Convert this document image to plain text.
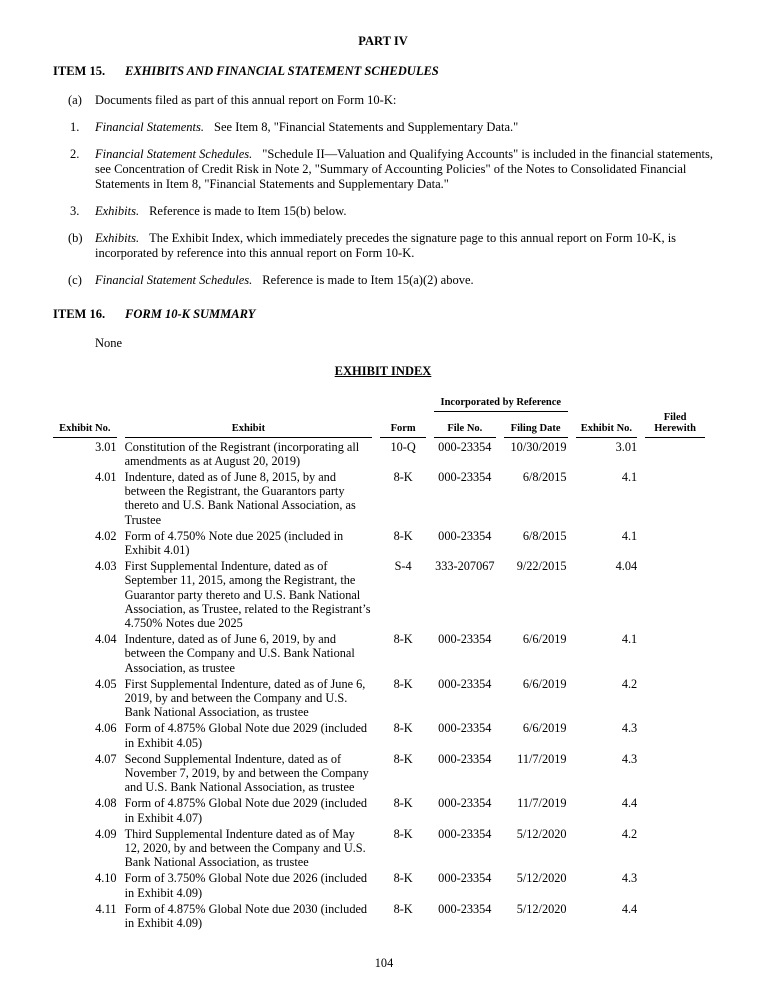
PART IV
ITEM 15.	EXHIBITS AND FINANCIAL STATEMENT SCHEDULES
(a)	Documents filed as part of this annual report on Form 10-K:
1.	Financial Statements. See Item 8, "Financial Statements and Supplementary Data."
2.	Financial Statement Schedules. "Schedule II—Valuation and Qualifying Accounts" is included in the financial statements, see Concentration of Credit Risk in Note 2, "Summary of Accounting Policies" of the Notes to Consolidated Financial Statements in Item 8, "Financial Statements and Supplementary Data."
3.	Exhibits. Reference is made to Item 15(b) below.
(b) Exhibits. The Exhibit Index, which immediately precedes the signature page to this annual report on Form 10-K, is incorporated by reference into this annual report on Form 10-K.
(c)	Financial Statement Schedules. Reference is made to Item 15(a)(2) above.
ITEM 16.	FORM 10-K SUMMARY
None
EXHIBIT INDEX
			Incorporated by Reference			
Exhibit No.	Exhibit	Form	File No.	Filing Date	Exhibit No.	Filed Herewith
3.01	Constitution of the Registrant (incorporating all amendments as at August 20, 2019)	10-Q	000-23354	10/30/2019	3.01	
4.01	Indenture, dated as of June 8, 2015, by and between the Registrant, the Guarantors party thereto and U.S. Bank National Association, as Trustee	8-K	000-23354	6/8/2015	4.1	
4.02	Form of 4.750% Note due 2025 (included in Exhibit 4.01)	8-K	000-23354	6/8/2015	4.1	
4.03	First Supplemental Indenture, dated as of September 11, 2015, among the Registrant, the Guarantor party thereto and U.S. Bank National Association, as Trustee, related to the Registrant’s 4.750% Notes due 2025	S-4	333-207067	9/22/2015	4.04	
4.04	Indenture, dated as of June 6, 2019, by and between the Company and U.S. Bank National Association, as trustee	8-K	000-23354	6/6/2019	4.1	
4.05	First Supplemental Indenture, dated as of June 6, 2019, by and between the Company and U.S. Bank National Association, as trustee	8-K	000-23354	6/6/2019	4.2	
4.06	Form of 4.875% Global Note due 2029 (included in Exhibit 4.05)	8-K	000-23354	6/6/2019	4.3	
4.07	Second Supplemental Indenture, dated as of November 7, 2019, by and between the Company and U.S. Bank National Association, as trustee	8-K	000-23354	11/7/2019	4.3	
4.08	Form of 4.875% Global Note due 2029 (included in Exhibit 4.07)	8-K	000-23354	11/7/2019	4.4	
4.09	Third Supplemental Indenture dated as of May 12, 2020, by and between the Company and U.S. Bank National Association, as trustee	8-K	000-23354	5/12/2020	4.2	
4.10	Form of 3.750% Global Note due 2026 (included in Exhibit 4.09)	8-K	000-23354	5/12/2020	4.3	
4.11	Form of 4.875% Global Note due 2030 (included in Exhibit 4.09)	8-K	000-23354	5/12/2020	4.4	
104
